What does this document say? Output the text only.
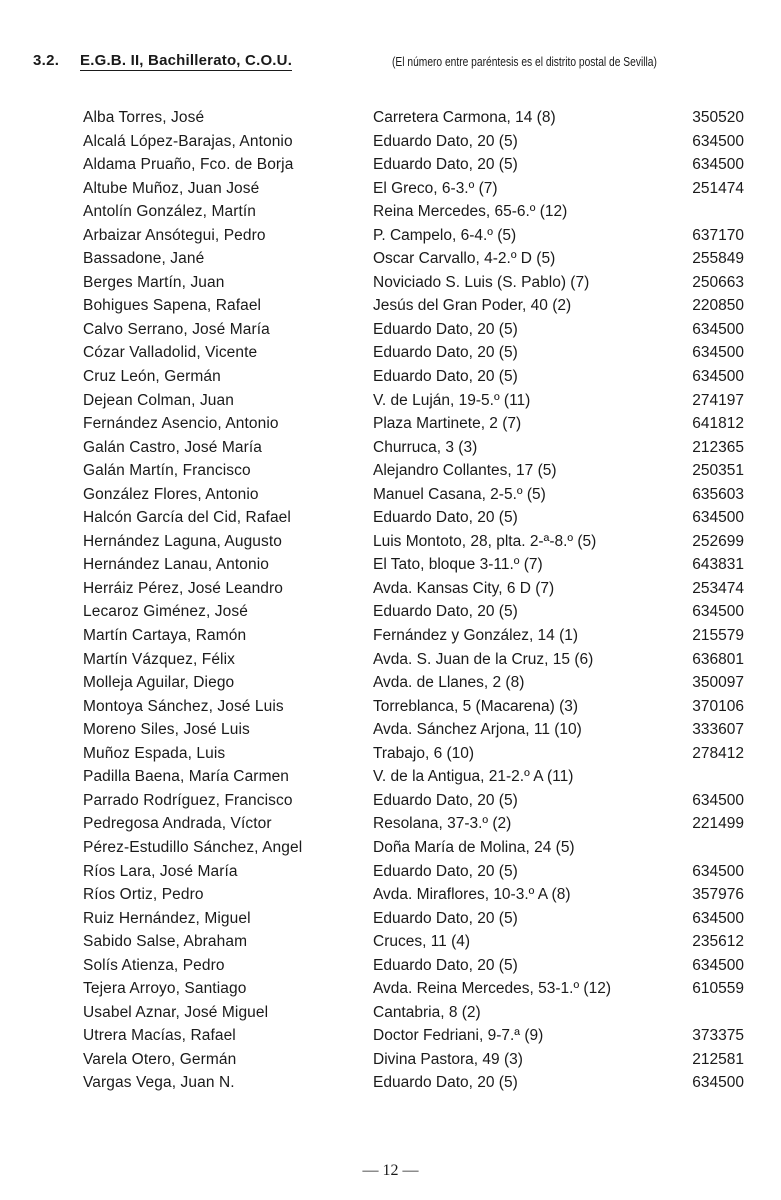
3.2. E.G.B. II, Bachillerato, C.O.U.	(El número entre paréntesis es el distrito postal de Sevilla)
Alba Torres, José	Carretera Carmona, 14 (8)	350520
Alcalá López-Barajas, Antonio	Eduardo Dato, 20 (5)	634500
Aldama Pruaño, Fco. de Borja	Eduardo Dato, 20 (5)	634500
Altube Muñoz, Juan José	El Greco, 6-3.º (7)	251474
Antolín González, Martín	Reina Mercedes, 65-6.º (12)
Arbaizar Ansótegui, Pedro	P. Campelo, 6-4.º (5)	637170
Bassadone, Jané	Oscar Carvallo, 4-2.º D (5)	255849
Berges Martín, Juan	Noviciado S. Luis (S. Pablo) (7)	250663
Bohigues Sapena, Rafael	Jesús del Gran Poder, 40 (2)	220850
Calvo Serrano, José María	Eduardo Dato, 20 (5)	634500
Cózar Valladolid, Vicente	Eduardo Dato, 20 (5)	634500
Cruz León, Germán	Eduardo Dato, 20 (5)	634500
Dejean Colman, Juan	V. de Luján, 19-5.º (11)	274197
Fernández Asencio, Antonio	Plaza Martinete, 2 (7)	641812
Galán Castro, José María	Churruca, 3 (3)	212365
Galán Martín, Francisco	Alejandro Collantes, 17 (5)	250351
González Flores, Antonio	Manuel Casana, 2-5.º (5)	635603
Halcón García del Cid, Rafael	Eduardo Dato, 20 (5)	634500
Hernández Laguna, Augusto	Luis Montoto, 28, plta. 2-ª-8.º (5)	252699
Hernández Lanau, Antonio	El Tato, bloque 3-11.º (7)	643831
Herráiz Pérez, José Leandro	Avda. Kansas City, 6 D (7)	253474
Lecaroz Giménez, José	Eduardo Dato, 20 (5)	634500
Martín Cartaya, Ramón	Fernández y González, 14 (1)	215579
Martín Vázquez, Félix	Avda. S. Juan de la Cruz, 15 (6)	636801
Molleja Aguilar, Diego	Avda. de Llanes, 2 (8)	350097
Montoya Sánchez, José Luis	Torreblanca, 5 (Macarena) (3)	370106
Moreno Siles, José Luis	Avda. Sánchez Arjona, 11 (10)	333607
Muñoz Espada, Luis	Trabajo, 6 (10)	278412
Padilla Baena, María Carmen	V. de la Antigua, 21-2.º A (11)
Parrado Rodríguez, Francisco	Eduardo Dato, 20 (5)	634500
Pedregosa Andrada, Víctor	Resolana, 37-3.º (2)	221499
Pérez-Estudillo Sánchez, Angel	Doña María de Molina, 24 (5)
Ríos Lara, José María	Eduardo Dato, 20 (5)	634500
Ríos Ortiz, Pedro	Avda. Miraflores, 10-3.º A (8)	357976
Ruiz Hernández, Miguel	Eduardo Dato, 20 (5)	634500
Sabido Salse, Abraham	Cruces, 11 (4)	235612
Solís Atienza, Pedro	Eduardo Dato, 20 (5)	634500
Tejera Arroyo, Santiago	Avda. Reina Mercedes, 53-1.º (12)	610559
Usabel Aznar, José Miguel	Cantabria, 8 (2)
Utrera Macías, Rafael	Doctor Fedriani, 9-7.ª (9)	373375
Varela Otero, Germán	Divina Pastora, 49 (3)	212581
Vargas Vega, Juan N.	Eduardo Dato, 20 (5)	634500
— 12 —
